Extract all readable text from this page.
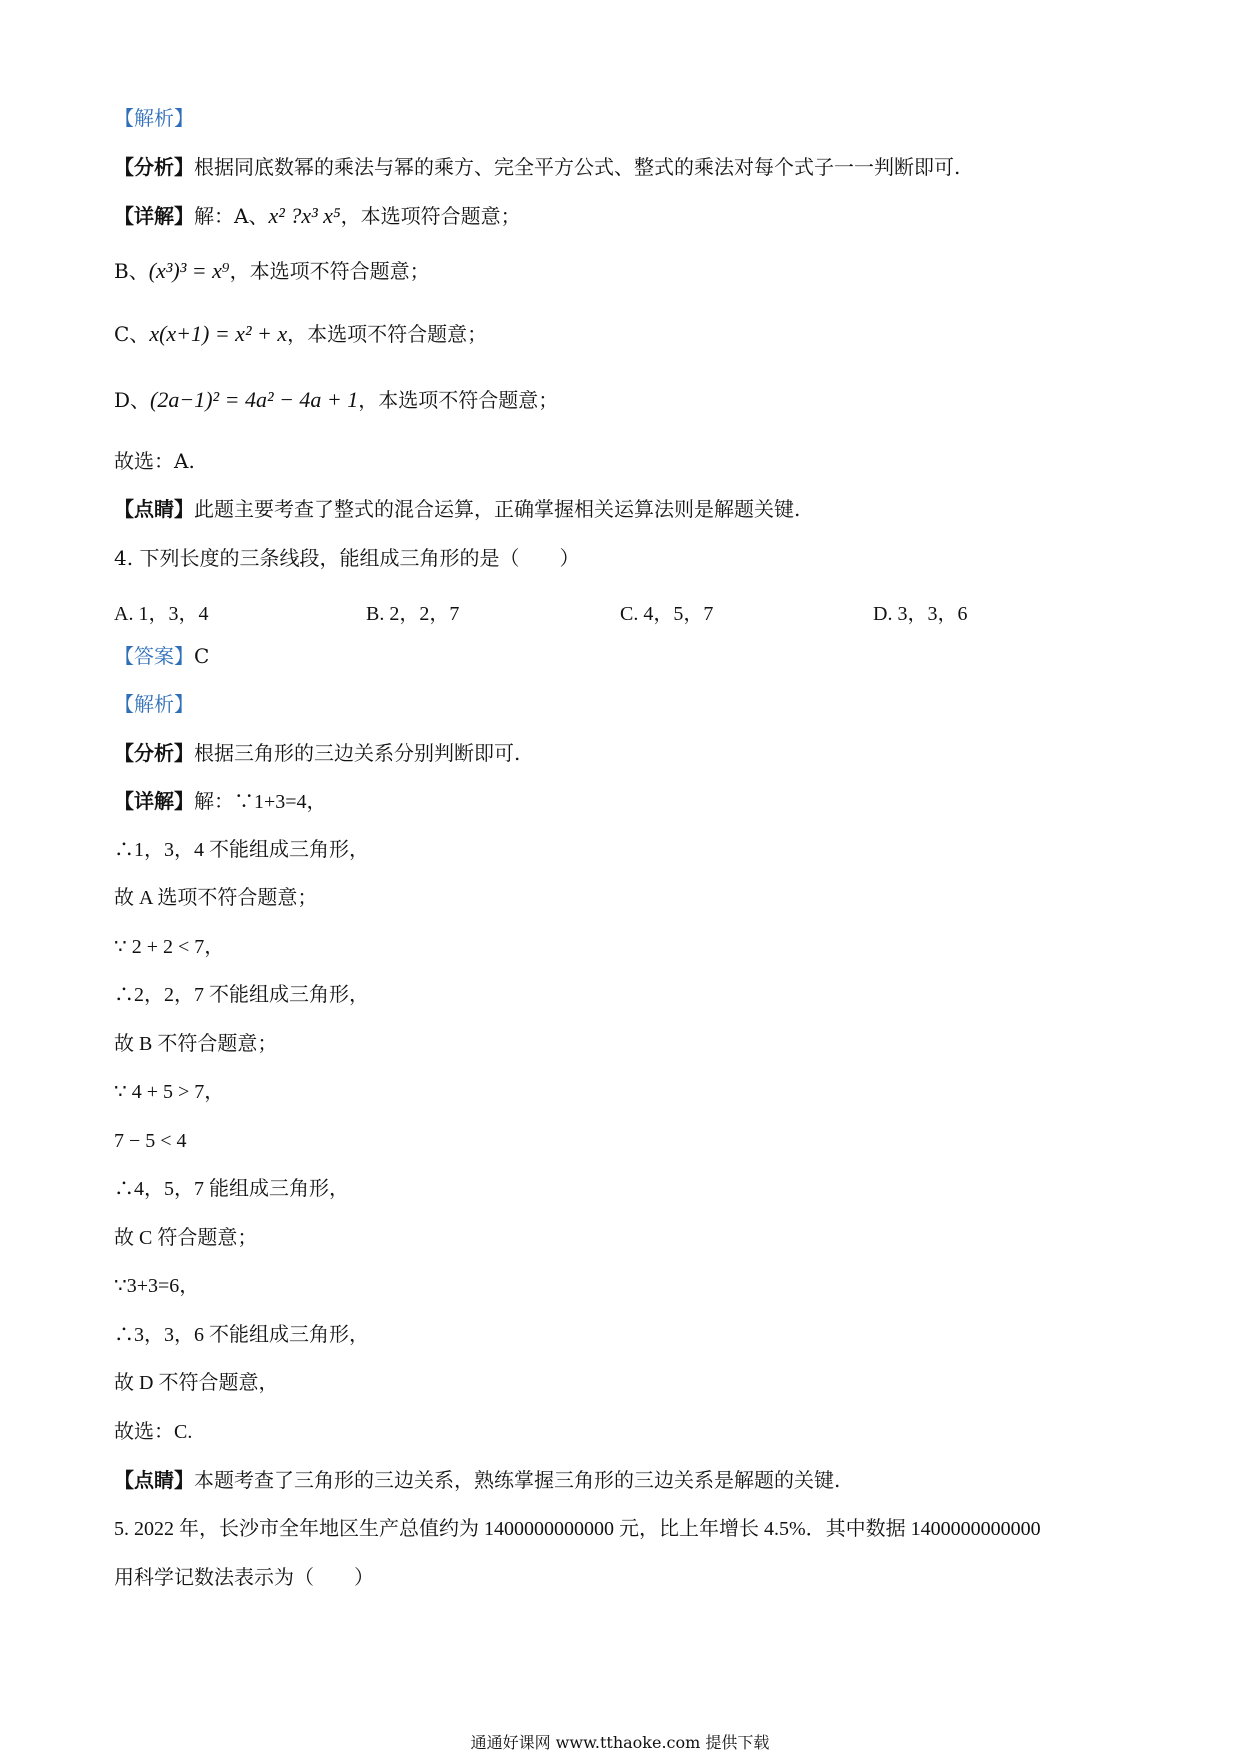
【解析】
【分析】根据同底数幂的乘法与幂的乘方、完全平方公式、整式的乘法对每个式子一一判断即可.
【详解】解：A、x² ?x³ x⁵，本选项符合题意；
B、(x³)³ = x⁹，本选项不符合题意；
C、x(x+1) = x² + x，本选项不符合题意；
D、(2a−1)² = 4a² − 4a + 1，本选项不符合题意；
故选：A.
【点睛】此题主要考查了整式的混合运算，正确掌握相关运算法则是解题关键.
4. 下列长度的三条线段，能组成三角形的是（　　）
A. 1，3，4	B. 2，2，7	C. 4，5，7	D. 3，3，6
【答案】C
【解析】
【分析】根据三角形的三边关系分别判断即可.
【详解】解：∵1+3=4，
∴1，3，4 不能组成三角形，
故 A 选项不符合题意；
∵ 2 + 2 < 7，
∴2，2，7 不能组成三角形，
故 B 不符合题意；
∵ 4 + 5 > 7，
7 − 5 < 4
∴4，5，7 能组成三角形，
故 C 符合题意；
∵3+3=6，
∴3，3，6 不能组成三角形，
故 D 不符合题意，
故选：C.
【点睛】本题考查了三角形的三边关系，熟练掌握三角形的三边关系是解题的关键.
5. 2022 年，长沙市全年地区生产总值约为 1400000000000 元，比上年增长 4.5%．其中数据 1400000000000
用科学记数法表示为（　　）
通通好课网 www.tthaoke.com 提供下载
